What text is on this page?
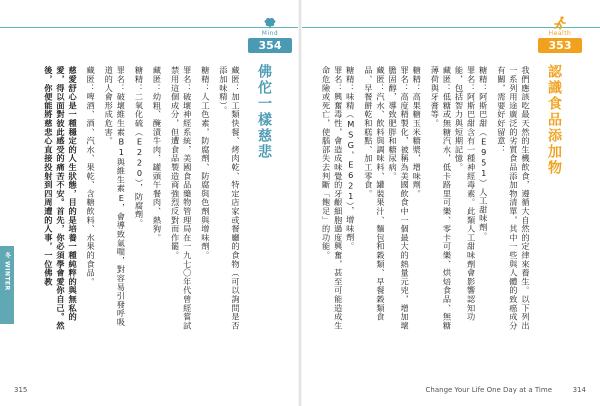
Mind
354
佛佗一樣慈悲

藏匿：加工類快餐、烤肉乾、特定店家或餐廳的食物（可以詢問是否添加味精）。

糖精：人工色素，防腐劑、防腐與色劑與增味劑。

罪名：破壞神經系統，美國食品藥物管理局在一九七〇年代曾經嘗試禁用這個成分，但遭食品製造商強烈反對而作罷。

藏匿：幼粗、醃漬牛肉、罐頭午餐肉、熱狗。

糖精：二氧化硫（E220），防腐劑。

罪名：破壞維生素B1與維生素E，會導致氣喘，對容易引發呼吸道的人會形成危害。

藏匿：啤酒、酒、汽水、果乾、含糖飲料、水果的食品。

慈愛舒心是一種穩定的人生狀態，目的是培養一種純粹的與無私的愛，得以面對彼此感受的痛苦不安。首先，你必須學會愛你自己。然後，你便能將慈悲心直接投射到四周遭的人事，一位佛教

冬 WINTER
315
Health
353
認識食品添加物

我們應該吃最天然的生機飲食，遵循大自然的定律來養生。以下列出一系列用途廣泛的劣質食品添加物清單，其中一些與人體的致癌成分有關，需要好好留意：

糖精：阿斯巴甜（E951）人工甜味劑。

罪名：阿斯巴甜含有一種神經毒素。此類人工甜味劑會影響認知功能，包括智力與短期記憶。

藏匿：低糖或無糖汽水，低卡路里可樂、零卡可樂、烘焙食品、無糖薄荷與牙膏等。

糖精：高果糖玉米糖漿，增味劑。

罪名：高度精製化，被稱為美國飲食中一個最大的熱量元兇，增加壞膽固醇，導致肥胖和糖尿病。

藏匿：汽水、飲料與調味料、罐裝果汁、麵包和穀類、早餐穀類食品、早餐餅乾和糕點、加工零食。

糖精：味精（MSG，E621），增味劑。

罪名：興奮毒性，會造成味覺的牙齦細胞過度興奮，甚至可能造成生命危險或死亡，使腦部失去判斷「飽足」的功能。

Change Your Life One Day at a Time	314
